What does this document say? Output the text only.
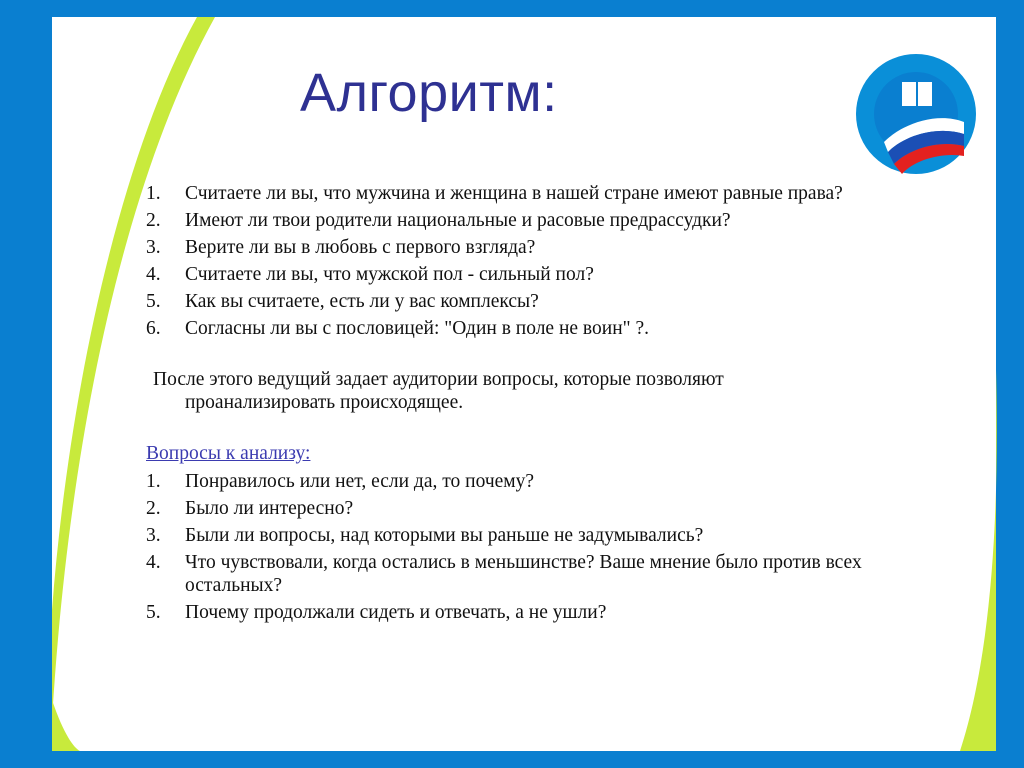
Алгоритм:
1.	Считаете ли вы, что мужчина и женщина в нашей стране имеют равные права?
2.	Имеют ли твои родители национальные и расовые предрассудки?
3.	Верите ли вы в любовь с первого взгляда?
4.	Считаете ли вы, что мужской пол - сильный пол?
5.	Как вы считаете, есть ли у вас комплексы?
6.	Согласны ли вы с пословицей: "Один в поле не воин" ?.
После этого ведущий задает аудитории вопросы, которые позволяют проанализировать происходящее.
Вопросы к анализу:
1.	Понравилось или нет, если да, то почему?
2.	Было ли интересно?
3.	Были ли вопросы, над которыми вы раньше не задумывались?
4.	Что чувствовали, когда остались в меньшинстве? Ваше мнение было против всех остальных?
5.	Почему продолжали сидеть и отвечать, а не ушли?
